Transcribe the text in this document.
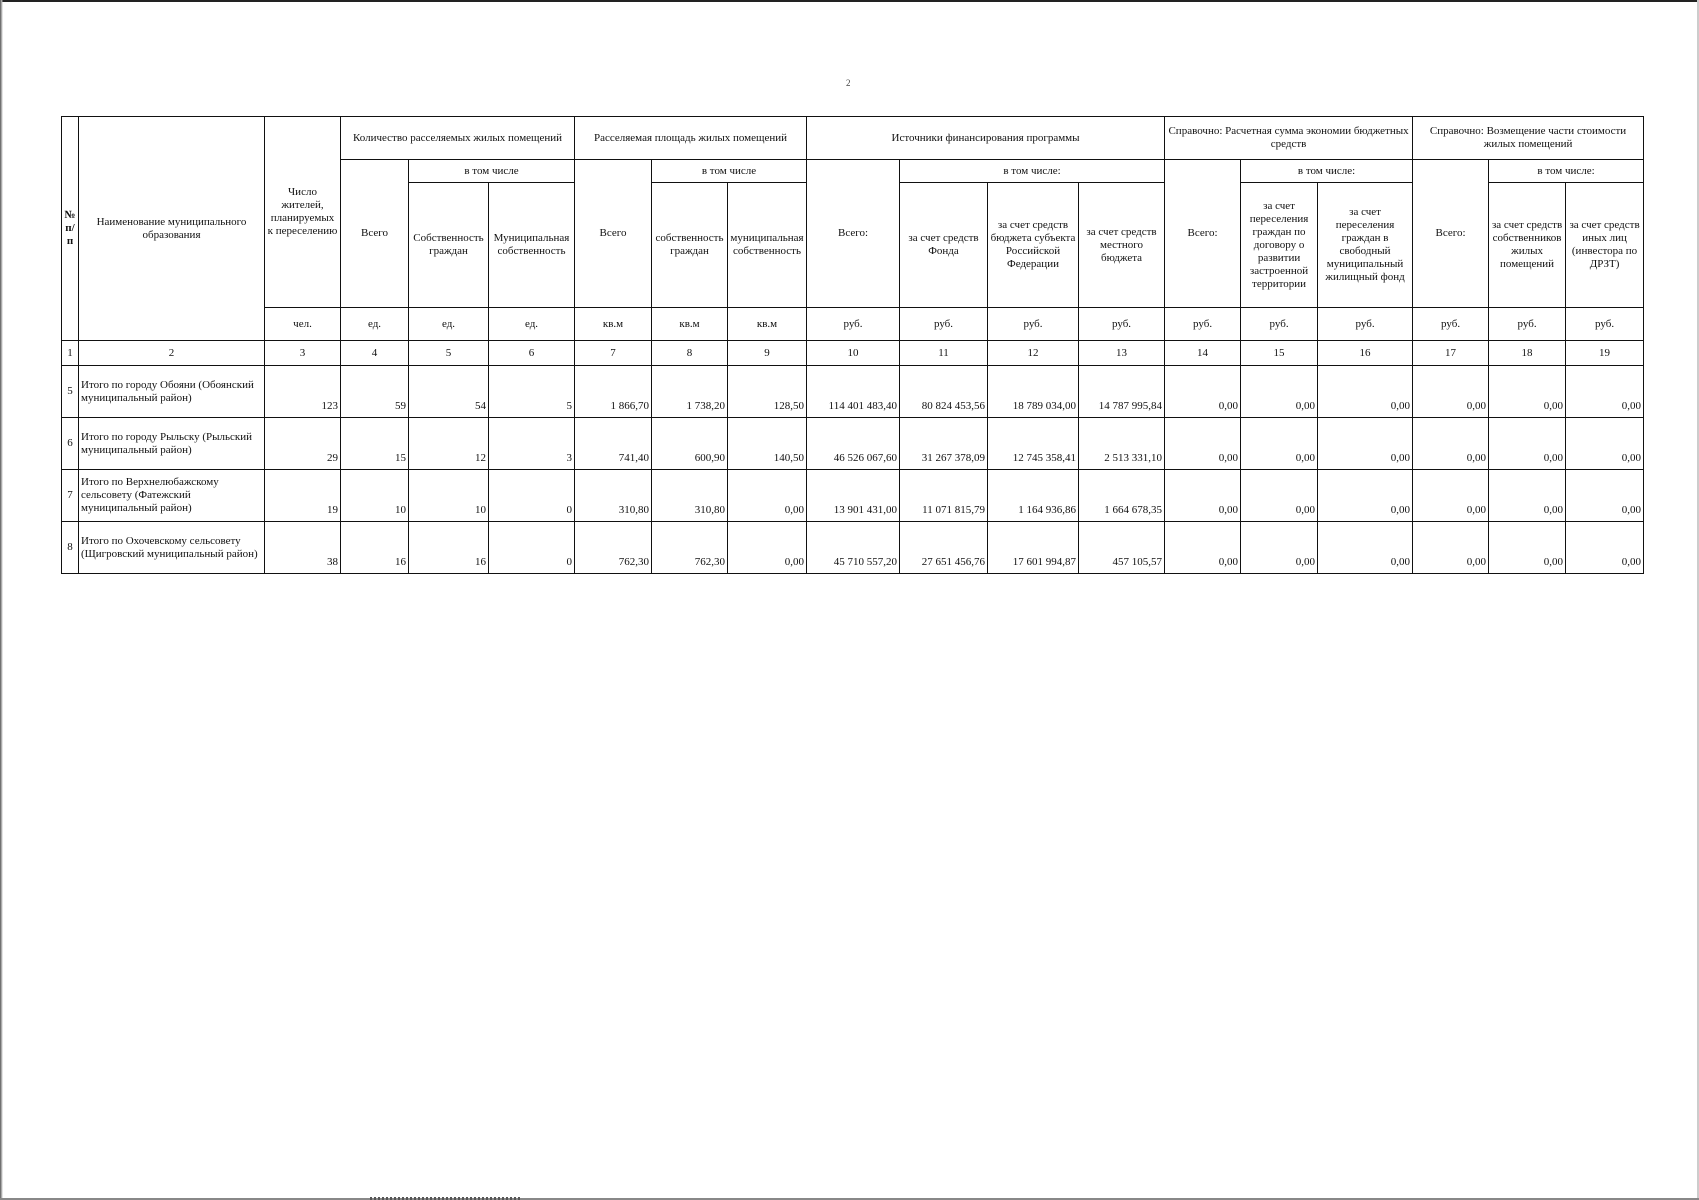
2
№ п/п	Наименование муниципального образования	Число жителей, планируемых к переселению	Количество расселяемых жилых помещений			Расселяемая площадь жилых помещений			Источники финансирования программы				Справочно: Расчетная сумма экономии бюджетных средств			Справочно: Возмещение части стоимости жилых помещений		
			Всего	в том числе		Всего	в том числе		Всего:	в том числе:			Всего:	в том числе:		Всего:	в том числе:	
				Собственность граждан	Муниципальная собственность		собственность граждан	муниципальная собственность		за счет средств Фонда	за счет средств бюджета субъекта Российской Федерации	за счет средств местного бюджета		за счет переселения граждан по договору о развитии застроенной территории	за счет переселения граждан в свободный муниципальный жилищный фонд		за счет средств собственников жилых помещений	за счет средств иных лиц (инвестора по ДРЗТ)
		чел.	ед.	ед.	ед.	кв.м	кв.м	кв.м	руб.	руб.	руб.	руб.	руб.	руб.	руб.	руб.	руб.	руб.
1	2	3	4	5	6	7	8	9	10	11	12	13	14	15	16	17	18	19
5	Итого по городу Обояни (Обоянский муниципальный район)	123	59	54	5	1 866,70	1 738,20	128,50	114 401 483,40	80 824 453,56	18 789 034,00	14 787 995,84	0,00	0,00	0,00	0,00	0,00	0,00
6	Итого по городу Рыльску (Рыльский муниципальный район)	29	15	12	3	741,40	600,90	140,50	46 526 067,60	31 267 378,09	12 745 358,41	2 513 331,10	0,00	0,00	0,00	0,00	0,00	0,00
7	Итого по Верхнелюбажскому сельсовету (Фатежский муниципальный район)	19	10	10	0	310,80	310,80	0,00	13 901 431,00	11 071 815,79	1 164 936,86	1 664 678,35	0,00	0,00	0,00	0,00	0,00	0,00
8	Итого по Охочевскому сельсовету (Щигровский муниципальный район)	38	16	16	0	762,30	762,30	0,00	45 710 557,20	27 651 456,76	17 601 994,87	457 105,57	0,00	0,00	0,00	0,00	0,00	0,00
